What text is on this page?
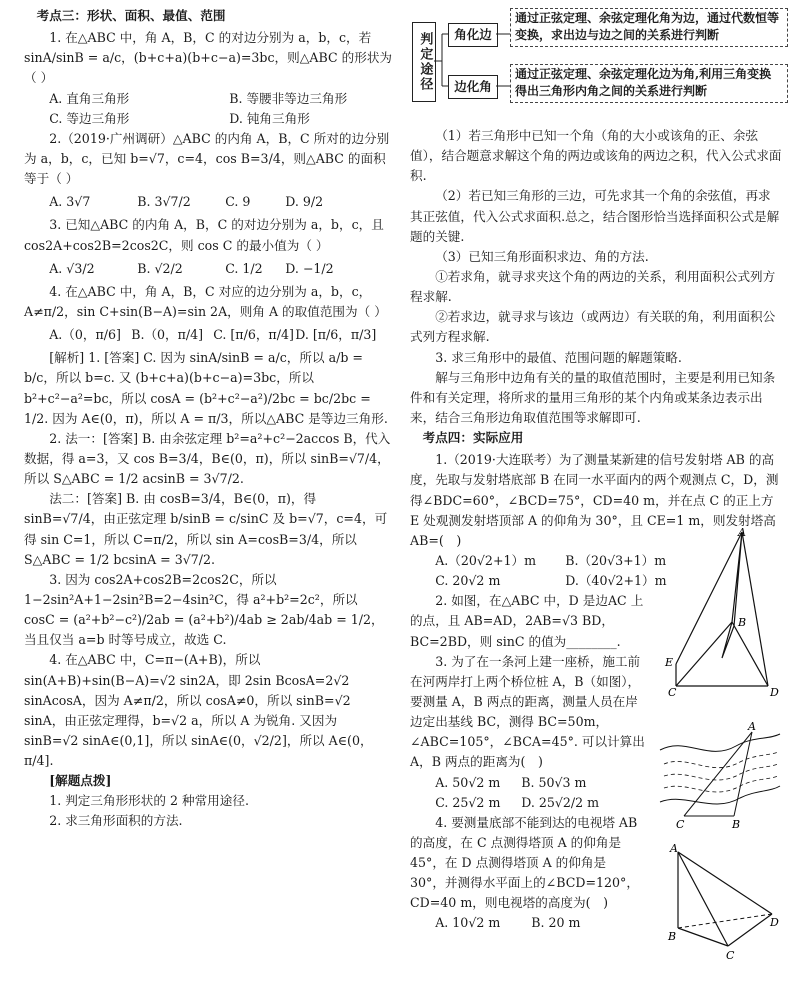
考点三：形状、面积、最值、范围

1. 在△ABC 中，角 A，B，C 的对边分别为 a，b，c，若 sinA/sinB = a/c，(b+c+a)(b+c−a)=3bc，则△ABC 的形状为（ ）

A. 直角三角形	B. 等腰非等边三角形
C. 等边三角形	D. 钝角三角形

2.（2019·广州调研）△ABC 的内角 A，B，C 所对的边分别为 a，b，c，已知 b=√7，c=4，cos B=3/4，则△ABC 的面积等于（ ）

A. 3√7	B. 3√7/2	C. 9	D. 9/2

3. 已知△ABC 的内角 A，B，C 的对边分别为 a，b，c，且 cos2A+cos2B=2cos2C，则 cos C 的最小值为（ ）

A. √3/2	B. √2/2	C. 1/2	D. −1/2

4. 在△ABC 中，角 A，B，C 对应的边分别为 a，b，c，A≠π/2，sin C+sin(B−A)=sin 2A，则角 A 的取值范围为（ ）

A.（0，π/6] B.（0，π/4] C. [π/6，π/4] D. [π/6，π/3]

[解析] 1. [答案] C. 因为 sinA/sinB = a/c，所以 a/b = b/c，所以 b=c. 又 (b+c+a)(b+c−a)=3bc，所以 b²+c²−a²=bc，所以 cosA = (b²+c²−a²)/2bc = bc/2bc = 1/2. 因为 A∈(0，π)，所以 A = π/3，所以△ABC 是等边三角形.

2. 法一：[答案] B. 由余弦定理 b²=a²+c²−2accos B，代入数据，得 a=3，又 cos B=3/4，B∈(0，π)，所以 sinB=√7/4，所以 S△ABC = 1/2 acsinB = 3√7/2.

法二：[答案] B. 由 cosB=3/4，B∈(0，π)，得 sinB=√7/4，由正弦定理 b/sinB = c/sinC 及 b=√7，c=4，可得 sin C=1，所以 C=π/2，所以 sin A=cosB=3/4，所以 S△ABC = 1/2 bcsinA = 3√7/2.

3. 因为 cos2A+cos2B=2cos2C，所以 1−2sin²A+1−2sin²B=2−4sin²C，得 a²+b²=2c²，所以 cosC = (a²+b²−c²)/2ab = (a²+b²)/4ab ≥ 2ab/4ab = 1/2，当且仅当 a=b 时等号成立，故选 C.

4. 在△ABC 中，C=π−(A+B)，所以 sin(A+B)+sin(B−A)=√2 sin2A，即 2sin BcosA=2√2 sinAcosA，因为 A≠π/2，所以 cosA≠0，所以 sinB=√2 sinA，由正弦定理得，b=√2 a，所以 A 为锐角. 又因为 sinB=√2 sinA∈(0,1]，所以 sinA∈(0，√2/2]，所以 A∈(0，π/4].

[解题点拨]

1. 判定三角形形状的 2 种常用途径.

2. 求三角形面积的方法.

判定途径	角化边
通过正弦定理、余弦定理化角为边，通过代数恒等变换，求出边与边之间的关系进行判断
边化角
通过正弦定理、余弦定理化边为角,利用三角变换得出三角形内角之间的关系进行判断

（1）若三角形中已知一个角（角的大小或该角的正、余弦值），结合题意求解这个角的两边或该角的两边之积，代入公式求面积.

（2）若已知三角形的三边，可先求其一个角的余弦值，再求其正弦值，代入公式求面积.总之，结合图形恰当选择面积公式是解题的关键.

（3）已知三角形面积求边、角的方法.

①若求角，就寻求夹这个角的两边的关系，利用面积公式列方程求解.

②若求边，就寻求与该边（或两边）有关联的角，利用面积公式列方程求解.

3. 求三角形中的最值、范围问题的解题策略.

解与三角形中边角有关的量的取值范围时，主要是利用已知条件和有关定理，将所求的量用三角形的某个内角或某条边表示出来，结合三角形边角取值范围等求解即可.

考点四：实际应用

1.（2019·大连联考）为了测量某新建的信号发射塔 AB 的高度，先取与发射塔底部 B 在同一水平面内的两个观测点 C，D，测得∠BDC=60°，∠BCD=75°，CD=40 m，并在点 C 的正上方 E 处观测发射塔顶部 A 的仰角为 30°，且 CE=1 m，则发射塔高 AB=(　)

A.（20√2+1）m	B.（20√3+1）m
C. 20√2 m	D.（40√2+1）m

2. 如图，在△ABC 中，D 是边AC 上的点，且 AB=AD，2AB=√3 BD，BC=2BD，则 sinC 的值为________.

3. 为了在一条河上建一座桥，施工前在河两岸打上两个桥位桩 A，B（如图），要测量 A，B 两点的距离，测量人员在岸边定出基线 BC，测得 BC=50m，∠ABC=105°，∠BCA=45°. 可以计算出 A，B 两点的距离为(　)

A. 50√2 m	B. 50√3 m
C. 25√2 m	D. 25√2/2 m

4. 要测量底部不能到达的电视塔 AB 的高度，在 C 点测得塔顶 A 的仰角是 45°，在 D 点测得塔顶 A 的仰角是 30°，并测得水平面上的∠BCD=120°，CD=40 m，则电视塔的高度为(　)

A. 10√2 m	B. 20 m
A
B
E
C	D
A
C	B
A
B
C
D
